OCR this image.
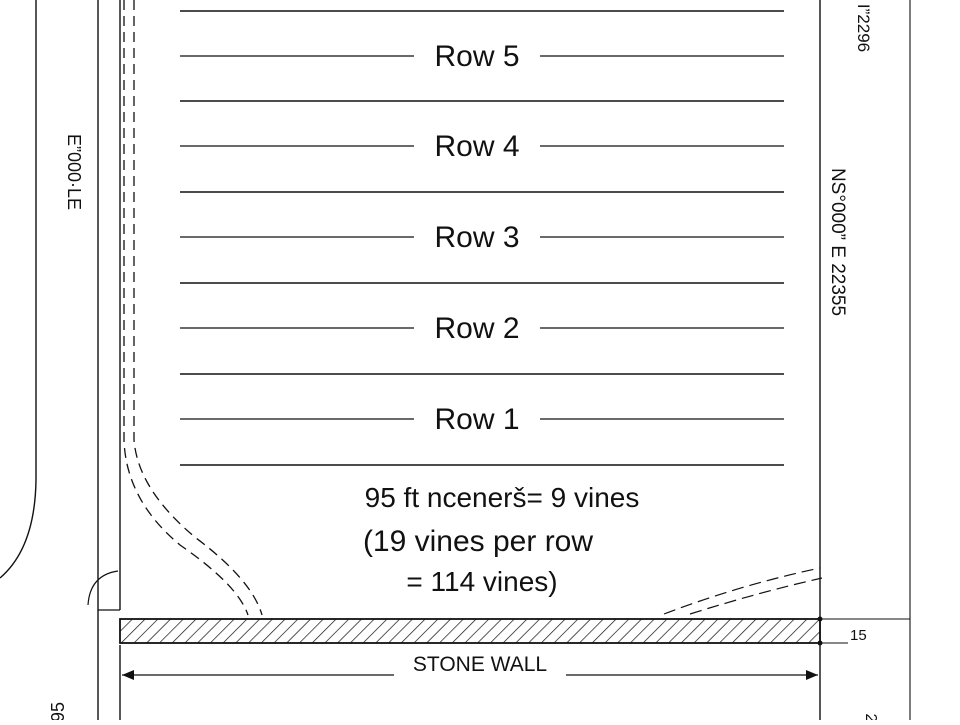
Row 5
Row 4
Row 3
Row 2
Row 1
95 ft ncenerš= 9 vines
(19 vines per row
= 114 vines)
15
STONE WALL
E”000·LE	NS°000” E 22355
I”2296
95	2
